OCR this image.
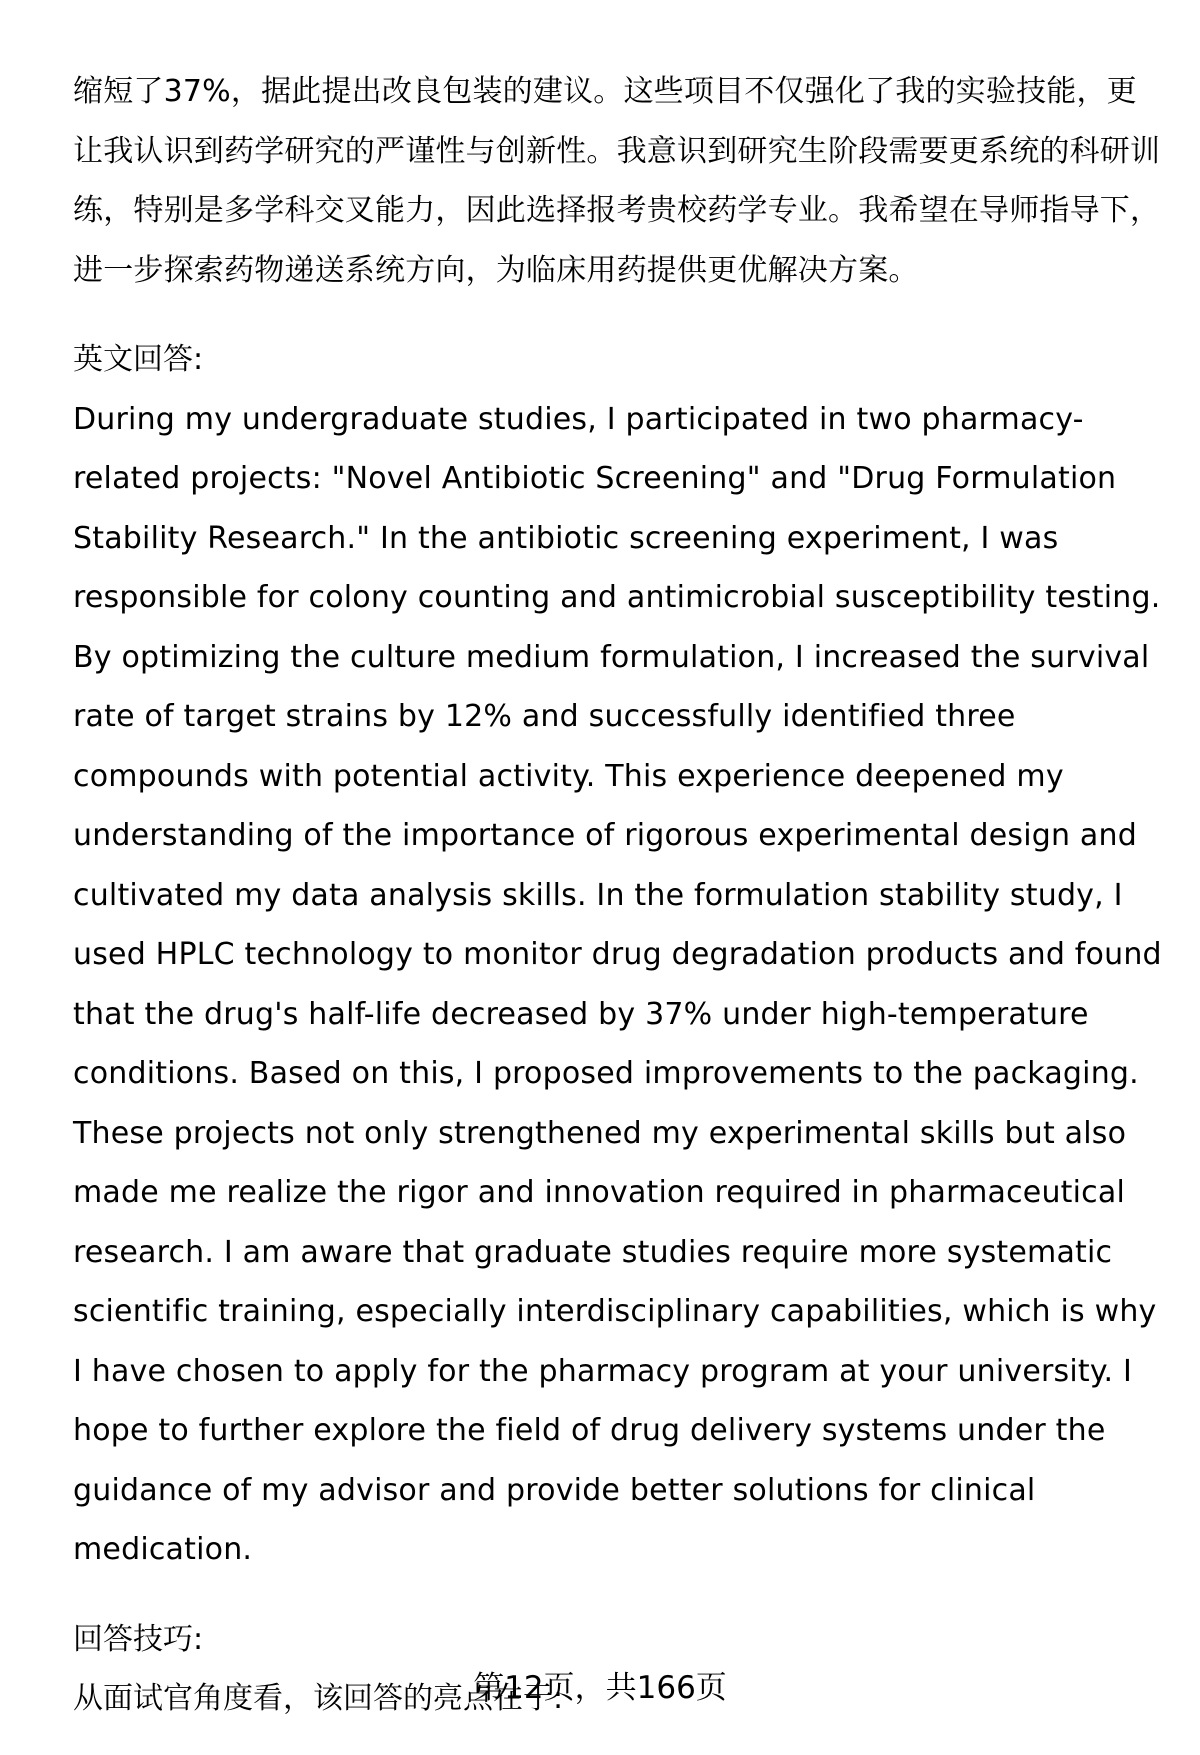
缩短了37%，据此提出改良包装的建议。这些项目不仅强化了我的实验技能，更让我认识到药学研究的严谨性与创新性。我意识到研究生阶段需要更系统的科研训练，特别是多学科交叉能力，因此选择报考贵校药学专业。我希望在导师指导下，进一步探索药物递送系统方向，为临床用药提供更优解决方案。

英文回答:

During my undergraduate studies, I participated in two pharmacy-related projects: "Novel Antibiotic Screening" and "Drug Formulation Stability Research." In the antibiotic screening experiment, I was responsible for colony counting and antimicrobial susceptibility testing. By optimizing the culture medium formulation, I increased the survival rate of target strains by 12% and successfully identified three compounds with potential activity. This experience deepened my understanding of the importance of rigorous experimental design and cultivated my data analysis skills. In the formulation stability study, I used HPLC technology to monitor drug degradation products and found that the drug's half-life decreased by 37% under high-temperature conditions. Based on this, I proposed improvements to the packaging. These projects not only strengthened my experimental skills but also made me realize the rigor and innovation required in pharmaceutical research. I am aware that graduate studies require more systematic scientific training, especially interdisciplinary capabilities, which is why I have chosen to apply for the pharmacy program at your university. I hope to further explore the field of drug delivery systems under the guidance of my advisor and provide better solutions for clinical medication.

回答技巧:

从面试官角度看，该回答的亮点在于:

第12页，共166页
